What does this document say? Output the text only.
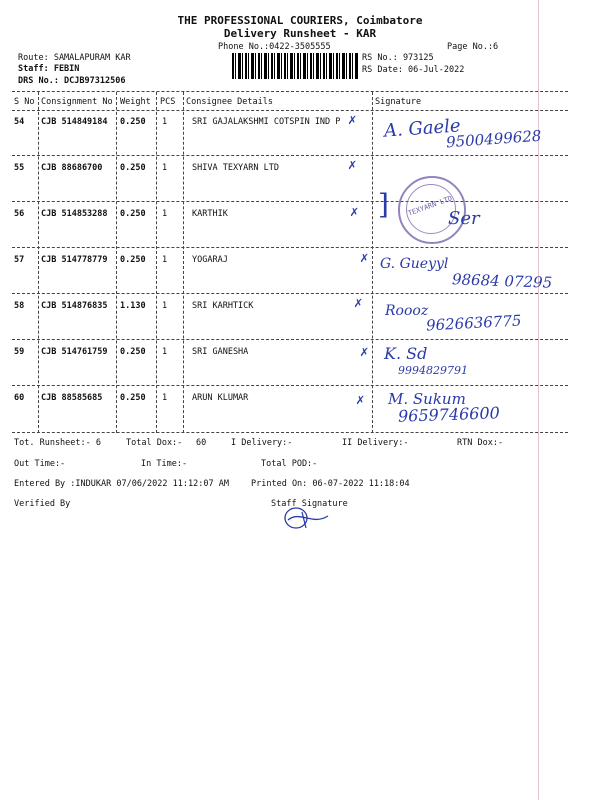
THE PROFESSIONAL COURIERS, Coimbatore
Delivery Runsheet - KAR
Phone No.:0422-3505555	Page No.:6
Route: SAMALAPURAM KAR
Staff: FEBIN
DRS No.: DCJB97312506
RS No.: 973125
RS Date: 06-Jul-2022
S No Consignment No Weight PCS Consignee Details	Signature
54 CJB 514849184 0.250 1	SRI GAJALAKSHMI COTSPIN IND P ✗ A. Gaele
9500499628
55 CJB 88686700 0.250 1	SHIVA TEXYARN LTD	✗
TEXYARN LTD
56 CJB 514853288 0.250 1	KARTHIK	✗ ]	Ser
57 CJB 514778779 0.250 1	YOGARAJ	✗ G. Gueyyl
98684 07295
58 CJB 514876835 1.130 1	SRI KARHTICK	✗ Roooz
9626636775
59 CJB 514761759 0.250 1	SRI GANESHA	✗ K. Sd
9994829791
60 CJB 88585685 0.250 1	ARUN KLUMAR	✗ M. Sukum
9659746600
Tot. Runsheet:- 6	Total Dox:- 60	I Delivery:-	II Delivery:-	RTN Dox:-
Out Time:-	In Time:-	Total POD:-
Entered By :INDUKAR 07/06/2022 11:12:07 AM	Printed On: 06-07-2022 11:18:04
Verified By	Staff Signature
